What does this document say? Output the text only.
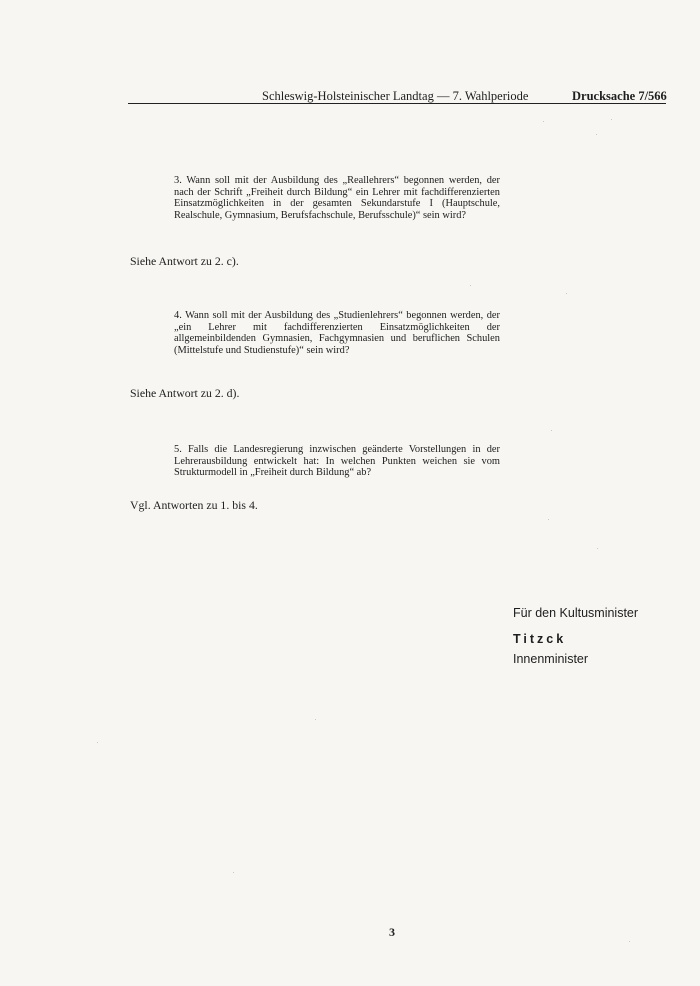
Schleswig-Holsteinischer Landtag — 7. Wahlperiode	Drucksache 7/566
3. Wann soll mit der Ausbildung des „Reallehrers“ begonnen werden, der nach der Schrift „Freiheit durch Bildung“ ein Lehrer mit fachdifferenzierten Einsatzmöglichkeiten in der gesamten Sekundarstufe I (Hauptschule, Realschule, Gymnasium, Berufsfachschule, Berufsschule)“ sein wird?
Siehe Antwort zu 2. c).
4. Wann soll mit der Ausbildung des „Studienlehrers“ begonnen werden, der „ein Lehrer mit fachdifferenzierten Einsatzmöglichkeiten der allgemeinbildenden Gymnasien, Fachgymnasien und beruflichen Schulen (Mittelstufe und Studienstufe)“ sein wird?
Siehe Antwort zu 2. d).
5. Falls die Landesregierung inzwischen geänderte Vorstellungen in der Lehrerausbildung entwickelt hat: In welchen Punkten weichen sie vom Strukturmodell in „Freiheit durch Bildung“ ab?
Vgl. Antworten zu 1. bis 4.
Für den Kultusminister
Titzck
Innenminister
3
